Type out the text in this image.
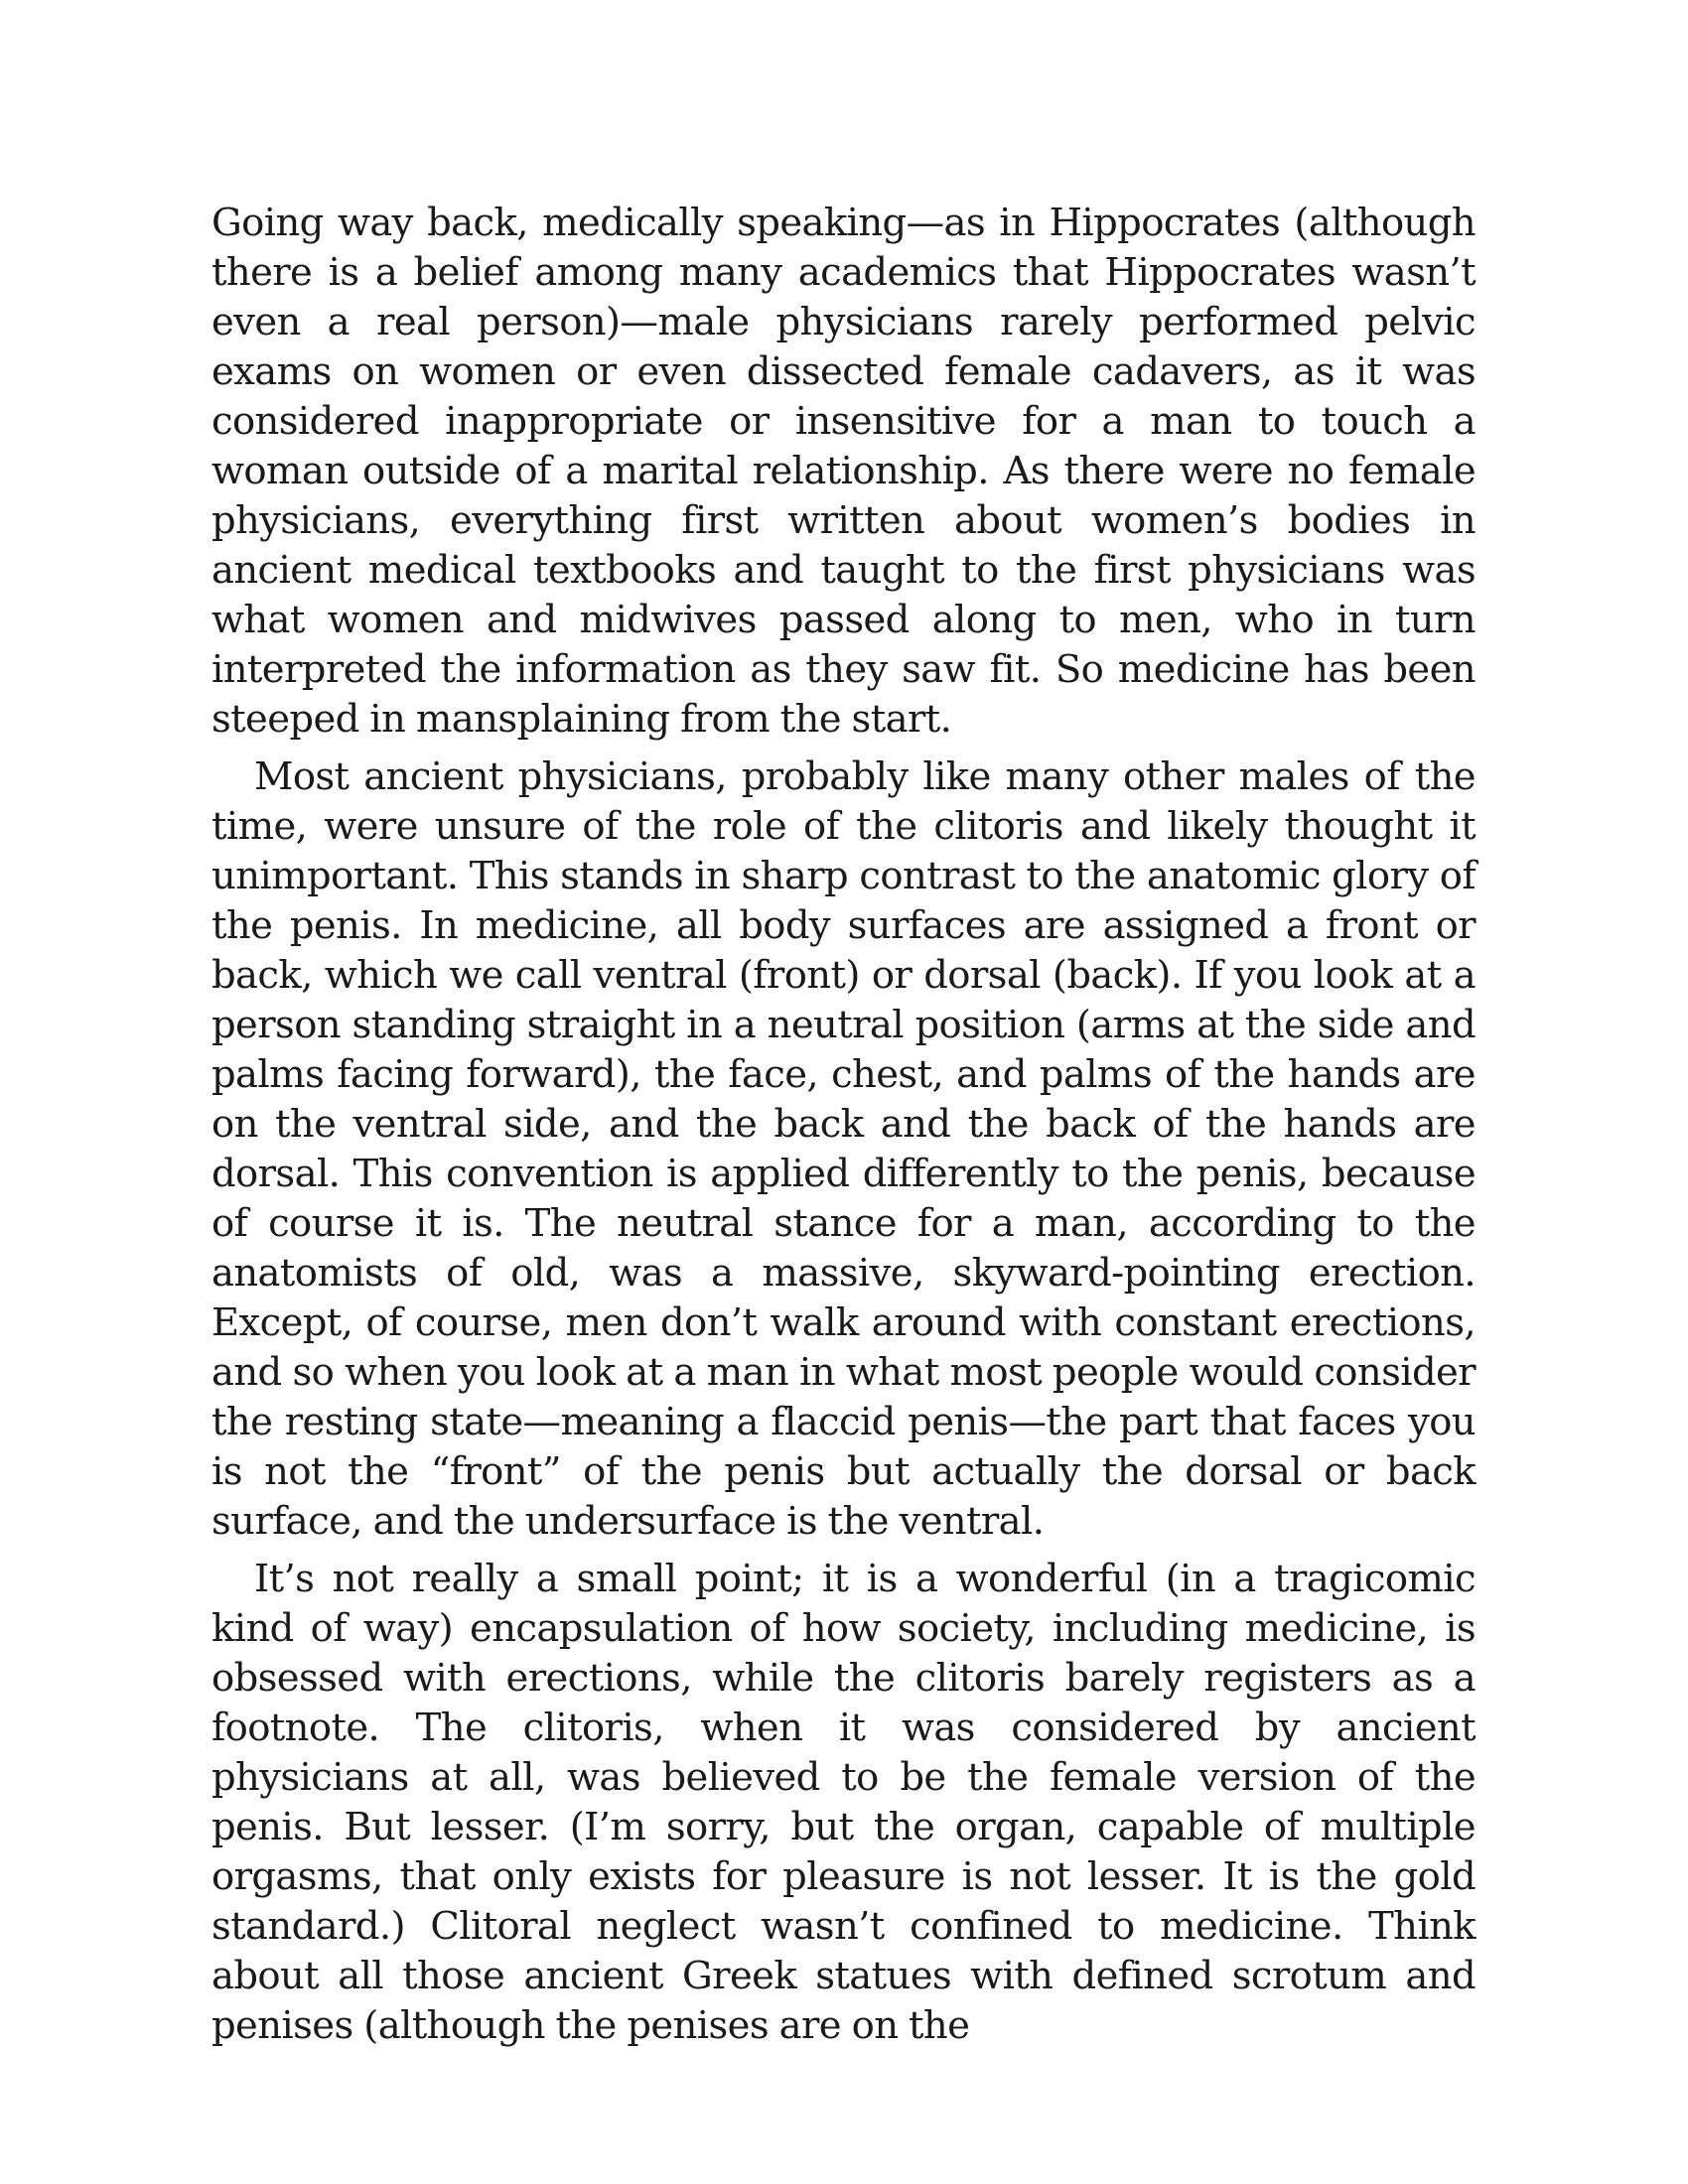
Going way back, medically speaking—as in Hippocrates (although there is a belief among many academics that Hippocrates wasn’t even a real person)—male physicians rarely performed pelvic exams on women or even dissected female cadavers, as it was considered inappropriate or insensitive for a man to touch a woman outside of a marital relationship. As there were no female physicians, everything first written about women’s bodies in ancient medical textbooks and taught to the first physicians was what women and midwives passed along to men, who in turn interpreted the information as they saw fit. So medicine has been steeped in mansplaining from the start.

Most ancient physicians, probably like many other males of the time, were unsure of the role of the clitoris and likely thought it unimportant. This stands in sharp contrast to the anatomic glory of the penis. In medicine, all body surfaces are assigned a front or back, which we call ventral (front) or dorsal (back). If you look at a person standing straight in a neutral position (arms at the side and palms facing forward), the face, chest, and palms of the hands are on the ventral side, and the back and the back of the hands are dorsal. This convention is applied differently to the penis, because of course it is. The neutral stance for a man, according to the anatomists of old, was a massive, skyward-pointing erection. Except, of course, men don’t walk around with constant erections, and so when you look at a man in what most people would consider the resting state—meaning a flaccid penis—the part that faces you is not the “front” of the penis but actually the dorsal or back surface, and the undersurface is the ventral.

It’s not really a small point; it is a wonderful (in a tragicomic kind of way) encapsulation of how society, including medicine, is obsessed with erections, while the clitoris barely registers as a footnote. The clitoris, when it was considered by ancient physicians at all, was believed to be the female version of the penis. But lesser. (I’m sorry, but the organ, capable of multiple orgasms, that only exists for pleasure is not lesser. It is the gold standard.) Clitoral neglect wasn’t confined to medicine. Think about all those ancient Greek statues with defined scrotum and penises (although the penises are on the
